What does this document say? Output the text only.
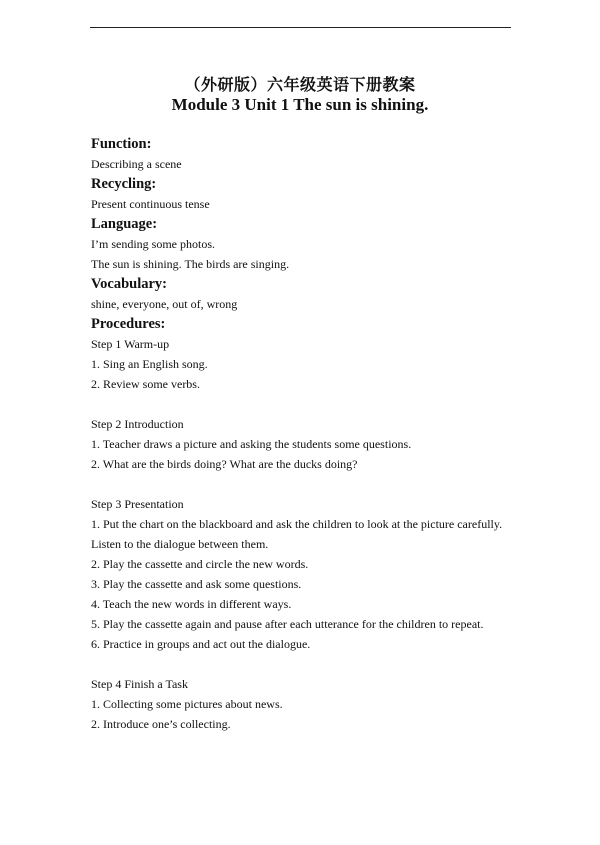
（外研版）六年级英语下册教案
Module 3 Unit 1 The sun is shining.
Function:
Describing a scene
Recycling:
Present continuous tense
Language:
I’m sending some photos.
The sun is shining. The birds are singing.
Vocabulary:
shine, everyone, out of, wrong
Procedures:
Step 1 Warm-up
1. Sing an English song.
2. Review some verbs.
Step 2 Introduction
1. Teacher draws a picture and asking the students some questions.
2. What are the birds doing? What are the ducks doing?
Step 3 Presentation
1. Put the chart on the blackboard and ask the children to look at the picture carefully.
Listen to the dialogue between them.
2. Play the cassette and circle the new words.
3. Play the cassette and ask some questions.
4. Teach the new words in different ways.
5. Play the cassette again and pause after each utterance for the children to repeat.
6. Practice in groups and act out the dialogue.
Step 4 Finish a Task
1. Collecting some pictures about news.
2. Introduce one’s collecting.
